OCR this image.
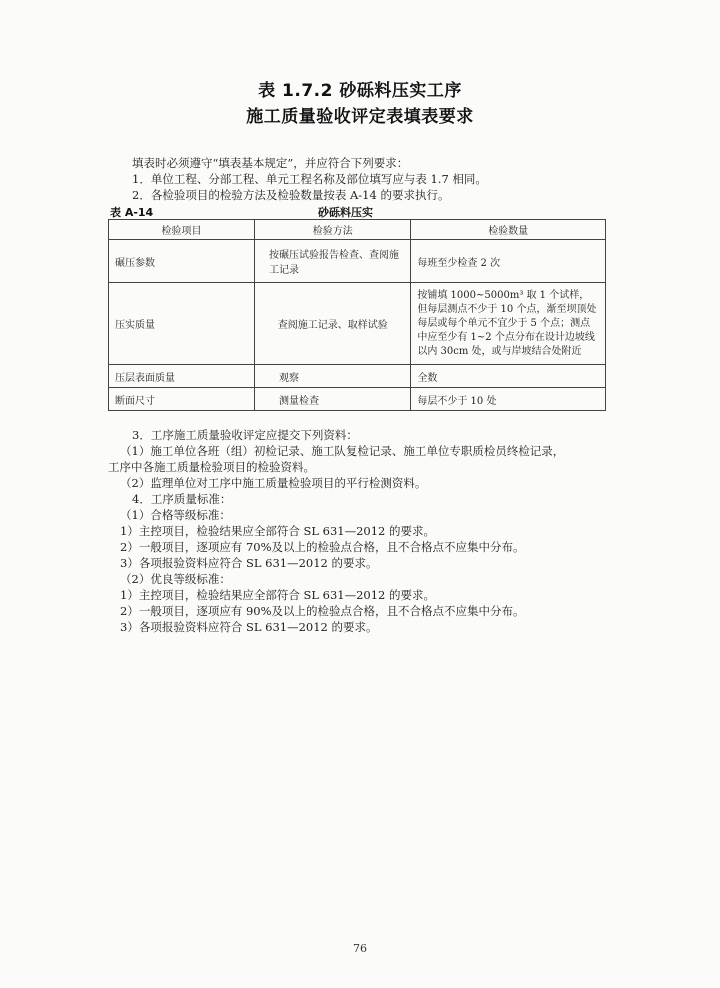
表 1.7.2 砂砾料压实工序
施工质量验收评定表填表要求
填表时必须遵守“填表基本规定”，并应符合下列要求：
1．单位工程、分部工程、单元工程名称及部位填写应与表 1.7 相同。
2．各检验项目的检验方法及检验数量按表 A-14 的要求执行。
表 A-14	砂砾料压实
检验项目	检验方法	检验数量
碾压参数	按碾压试验报告检查、查阅施工记录	每班至少检查 2 次
压实质量	查阅施工记录、取样试验	按铺填 1000~5000m³ 取 1 个试样，但每层测点不少于 10 个点，渐至坝顶处每层或每个单元不宜少于 5 个点；测点中应至少有 1~2 个点分布在设计边坡线以内 30cm 处，或与岸坡结合处附近
压层表面质量	观察	全数
断面尺寸	测量检查	每层不少于 10 处
3．工序施工质量验收评定应提交下列资料：
（1）施工单位各班（组）初检记录、施工队复检记录、施工单位专职质检员终检记录，
工序中各施工质量检验项目的检验资料。
（2）监理单位对工序中施工质量检验项目的平行检测资料。
4．工序质量标准：
（1）合格等级标准：
1）主控项目，检验结果应全部符合 SL 631—2012 的要求。
2）一般项目，逐项应有 70%及以上的检验点合格，且不合格点不应集中分布。
3）各项报验资料应符合 SL 631—2012 的要求。
（2）优良等级标准：
1）主控项目，检验结果应全部符合 SL 631—2012 的要求。
2）一般项目，逐项应有 90%及以上的检验点合格，且不合格点不应集中分布。
3）各项报验资料应符合 SL 631—2012 的要求。
76
